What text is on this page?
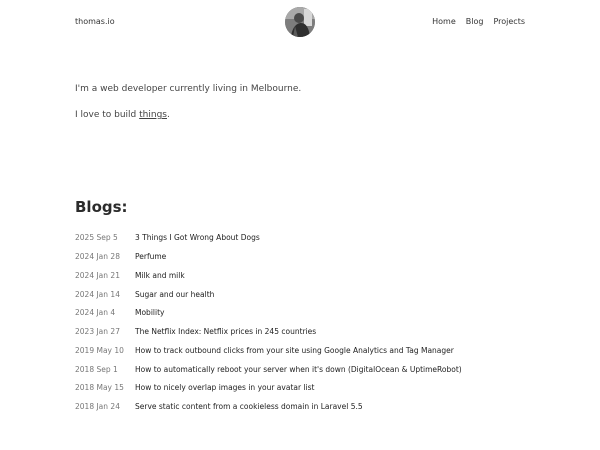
thomas.io	Home Blog Projects

I'm a web developer currently living in Melbourne.

I love to build things.

Blogs:
2025 Sep 5	3 Things I Got Wrong About Dogs
2024 Jan 28	Perfume
2024 Jan 21	Milk and milk
2024 Jan 14	Sugar and our health
2024 Jan 4	Mobility
2023 Jan 27	The Netflix Index: Netflix prices in 245 countries
2019 May 10	How to track outbound clicks from your site using Google Analytics and Tag Manager
2018 Sep 1	How to automatically reboot your server when it's down (DigitalOcean & UptimeRobot)
2018 May 15	How to nicely overlap images in your avatar list
2018 Jan 24	Serve static content from a cookieless domain in Laravel 5.5
